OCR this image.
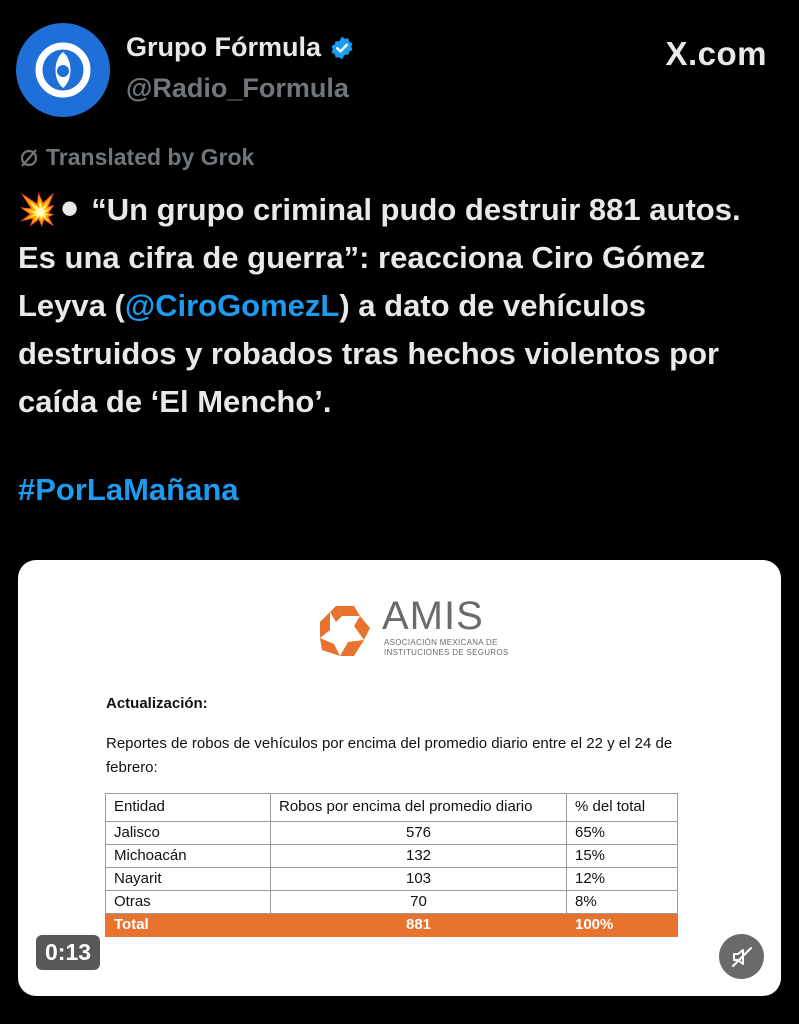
Grupo Fórmula
@Radio_Formula
X.com
Translated by Grok
💥⚫ “Un grupo criminal pudo destruir 881 autos. Es una cifra de guerra”: reacciona Ciro Gómez Leyva (@CiroGomezL) a dato de vehículos destruidos y robados tras hechos violentos por caída de ‘El Mencho’.
#PorLaMañana
AMIS
ASOCIACIÓN MEXICANA DE
INSTITUCIONES DE SEGUROS
Actualización:
Reportes de robos de vehículos por encima del promedio diario entre el 22 y el 24 de febrero:
Entidad	Robos por encima del promedio diario	% del total
Jalisco	576	65%
Michoacán	132	15%
Nayarit	103	12%
Otras	70	8%
Total	881	100%
0:13
